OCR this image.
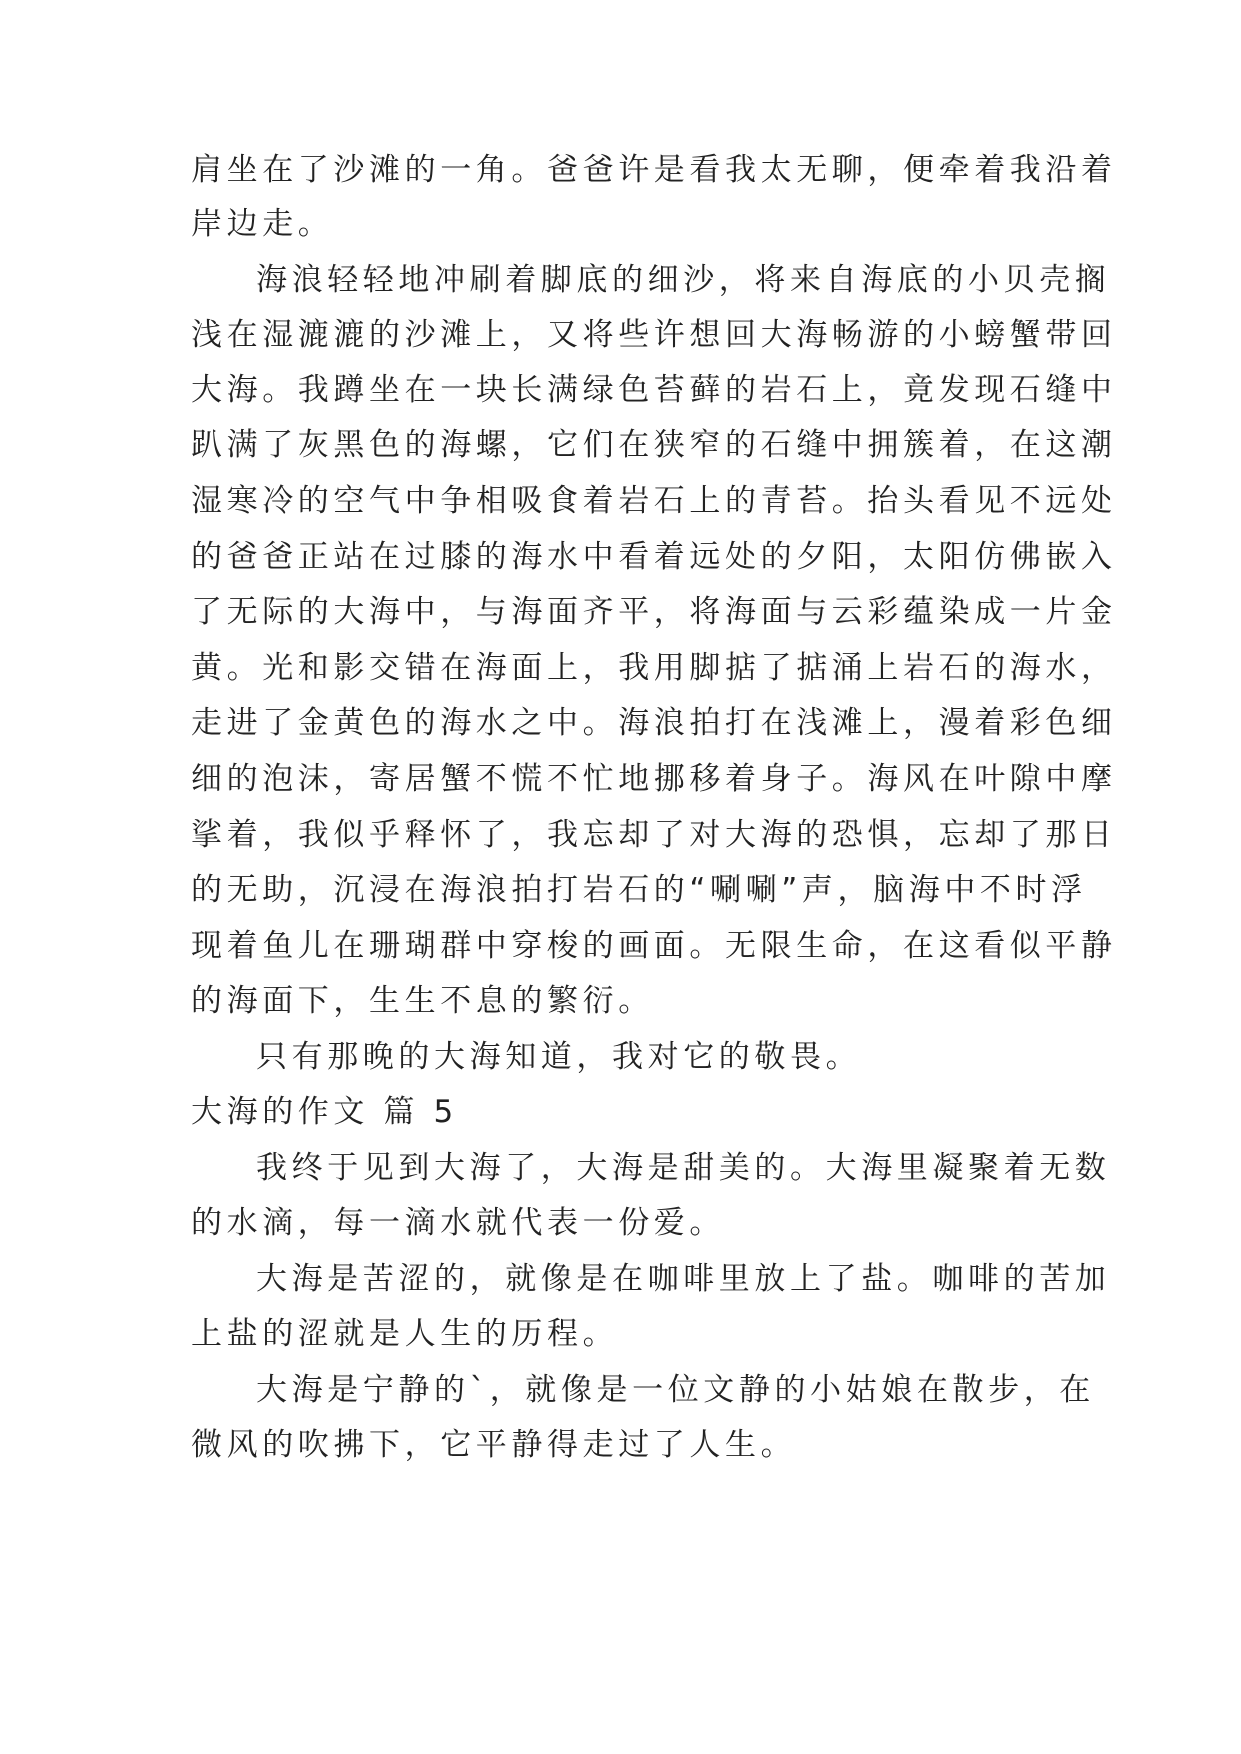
肩坐在了沙滩的一角。爸爸许是看我太无聊，便牵着我沿着
岸边走。
海浪轻轻地冲刷着脚底的细沙，将来自海底的小贝壳搁
浅在湿漉漉的沙滩上，又将些许想回大海畅游的小螃蟹带回
大海。我蹲坐在一块长满绿色苔藓的岩石上，竟发现石缝中
趴满了灰黑色的海螺，它们在狭窄的石缝中拥簇着，在这潮
湿寒冷的空气中争相吸食着岩石上的青苔。抬头看见不远处
的爸爸正站在过膝的海水中看着远处的夕阳，太阳仿佛嵌入
了无际的大海中，与海面齐平，将海面与云彩蕴染成一片金
黄。光和影交错在海面上，我用脚掂了掂涌上岩石的海水，
走进了金黄色的海水之中。海浪拍打在浅滩上，漫着彩色细
细的泡沫，寄居蟹不慌不忙地挪移着身子。海风在叶隙中摩
挲着，我似乎释怀了，我忘却了对大海的恐惧，忘却了那日
的无助，沉浸在海浪拍打岩石的“唰唰”声，脑海中不时浮
现着鱼儿在珊瑚群中穿梭的画面。无限生命，在这看似平静
的海面下，生生不息的繁衍。
只有那晚的大海知道，我对它的敬畏。
大海的作文 篇 5
我终于见到大海了，大海是甜美的。大海里凝聚着无数
的水滴，每一滴水就代表一份爱。
大海是苦涩的，就像是在咖啡里放上了盐。咖啡的苦加
上盐的涩就是人生的历程。
大海是宁静的`，就像是一位文静的小姑娘在散步，在
微风的吹拂下，它平静得走过了人生。
